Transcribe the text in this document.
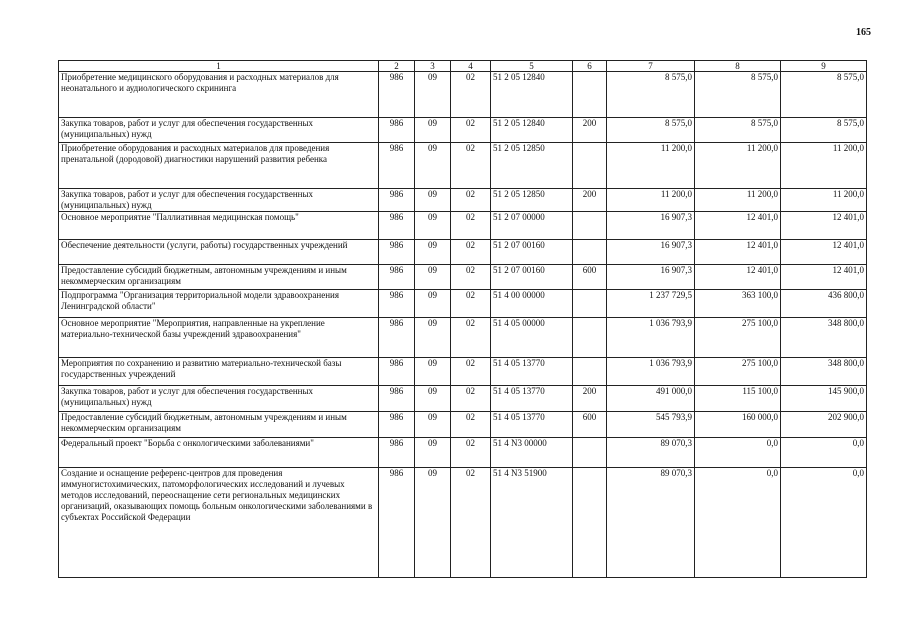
165
1	2	3	4	5	6	7	8	9
Приобретение медицинского оборудования и расходных материалов для неонатального и аудиологического скрининга	986	09	02	51 2 05 12840		8 575,0	8 575,0	8 575,0
Закупка товаров, работ и услуг для обеспечения государственных (муниципальных) нужд	986	09	02	51 2 05 12840	200	8 575,0	8 575,0	8 575,0
Приобретение оборудования и расходных материалов для проведения пренатальной (дородовой) диагностики нарушений развития ребенка	986	09	02	51 2 05 12850		11 200,0	11 200,0	11 200,0
Закупка товаров, работ и услуг для обеспечения государственных (муниципальных) нужд	986	09	02	51 2 05 12850	200	11 200,0	11 200,0	11 200,0
Основное мероприятие "Паллиативная медицинская помощь"	986	09	02	51 2 07 00000		16 907,3	12 401,0	12 401,0
Обеспечение деятельности (услуги, работы) государственных учреждений	986	09	02	51 2 07 00160		16 907,3	12 401,0	12 401,0
Предоставление субсидий бюджетным, автономным учреждениям и иным некоммерческим организациям	986	09	02	51 2 07 00160	600	16 907,3	12 401,0	12 401,0
Подпрограмма "Организация территориальной модели здравоохранения Ленинградской области"	986	09	02	51 4 00 00000		1 237 729,5	363 100,0	436 800,0
Основное мероприятие "Мероприятия, направленные на укрепление материально-технической базы учреждений здравоохранения"	986	09	02	51 4 05 00000		1 036 793,9	275 100,0	348 800,0
Мероприятия по сохранению и развитию материально-технической базы государственных учреждений	986	09	02	51 4 05 13770		1 036 793,9	275 100,0	348 800,0
Закупка товаров, работ и услуг для обеспечения государственных (муниципальных) нужд	986	09	02	51 4 05 13770	200	491 000,0	115 100,0	145 900,0
Предоставление субсидий бюджетным, автономным учреждениям и иным некоммерческим организациям	986	09	02	51 4 05 13770	600	545 793,9	160 000,0	202 900,0
Федеральный проект "Борьба с онкологическими заболеваниями"	986	09	02	51 4 N3 00000		89 070,3	0,0	0,0
Создание и оснащение референс-центров для проведения иммуногистохимических, патоморфологических исследований и лучевых методов исследований, переоснащение сети региональных медицинских организаций, оказывающих помощь больным онкологическими заболеваниями в субъектах Российской Федерации	986	09	02	51 4 N3 51900		89 070,3	0,0	0,0
